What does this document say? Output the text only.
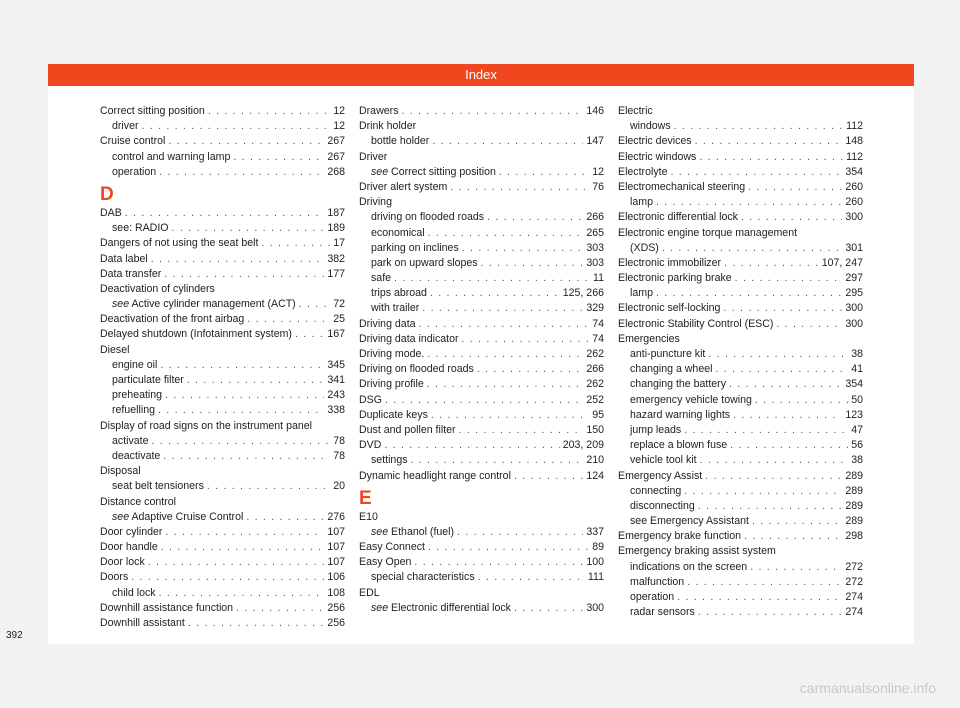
Index
Correct sitting position . . .	12
driver . . .	12
Cruise control . . .	267
control and warning lamp . . .	267
operation . . .	268
D
DAB . . .	187
see: RADIO . . .	189
Dangers of not using the seat belt . . .	17
Data label . . .	382
Data transfer . . .	177
Deactivation of cylinders
see Active cylinder management (ACT) . . .	72
Deactivation of the front airbag . . .	25
Delayed shutdown (Infotainment system) . . .	167
Diesel
engine oil . . .	345
particulate filter . . .	341
preheating . . .	243
refuelling . . .	338
Display of road signs on the instrument panel
activate . . .	78
deactivate . . .	78
Disposal
seat belt tensioners . . .	20
Distance control
see Adaptive Cruise Control . . .	276
Door cylinder . . .	107
Door handle . . .	107
Door lock . . .	107
Doors . . .	106
child lock . . .	108
Downhill assistance function . . .	256
Downhill assistant . . .	256
Drawers . . .	146
Drink holder
bottle holder . . .	147
Driver
see Correct sitting position . . .	12
Driver alert system . . .	76
Driving
driving on flooded roads . . .	266
economical . . .	265
parking on inclines . . .	303
park on upward slopes . . .	303
safe . . .	11
trips abroad . . .	125, 266
with trailer . . .	329
Driving data . . .	74
Driving data indicator . . .	74
Driving mode. . . .	262
Driving on flooded roads . . .	266
Driving profile . . .	262
DSG . . .	252
Duplicate keys . . .	95
Dust and pollen filter . . .	150
DVD . . .	203, 209
settings . . .	210
Dynamic headlight range control . . .	124
E
E10
see Ethanol (fuel) . . .	337
Easy Connect . . .	89
Easy Open . . .	100
special characteristics . . .	111
EDL
see Electronic differential lock . . .	300
Electric
windows . . .	112
Electric devices . . .	148
Electric windows . . .	112
Electrolyte . . .	354
Electromechanical steering . . .	260
lamp . . .	260
Electronic differential lock . . .	300
Electronic engine torque management
(XDS) . . .	301
Electronic immobilizer . . .	107, 247
Electronic parking brake . . .	297
lamp . . .	295
Electronic self-locking . . .	300
Electronic Stability Control (ESC) . . .	300
Emergencies
anti-puncture kit . . .	38
changing a wheel . . .	41
changing the battery . . .	354
emergency vehicle towing . . .	50
hazard warning lights . . .	123
jump leads . . .	47
replace a blown fuse . . .	56
vehicle tool kit . . .	38
Emergency Assist . . .	289
connecting . . .	289
disconnecting . . .	289
see Emergency Assistant . . .	289
Emergency brake function . . .	298
Emergency braking assist system
indications on the screen . . .	272
malfunction . . .	272
operation . . .	274
radar sensors . . .	274
392
carmanualsonline.info
